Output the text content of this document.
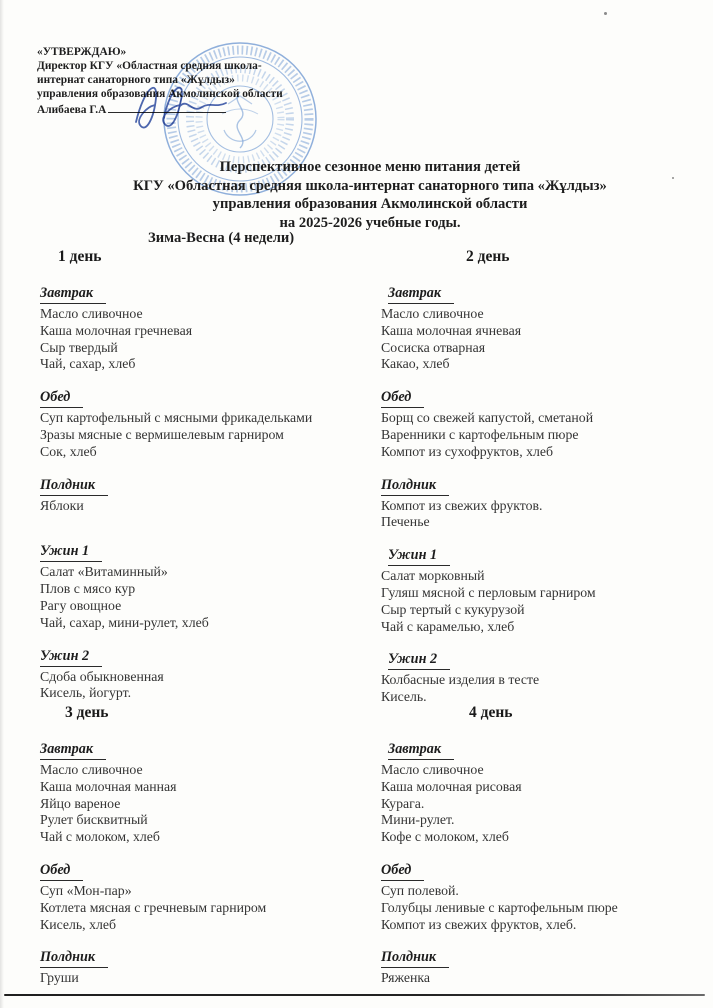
«УТВЕРЖДАЮ»
Директор КГУ «Областная средняя школа-
интернат санаторного типа «Жұлдыз»
управления образования Акмолинской области
Алибаева Г.А
Перспективное сезонное меню питания детей
КГУ «Областная средняя школа-интернат санаторного типа «Жұлдыз»
управления образования Акмолинской области
на 2025-2026 учебные годы.
Зима-Весна (4 недели)
1 день
Завтрак
Масло сливочное
Каша молочная гречневая
Сыр твердый
Чай, сахар, хлеб
Обед
Суп картофельный с мясными фрикадельками
Зразы мясные с вермишелевым гарниром
Сок, хлеб
Полдник
Яблоки
Ужин 1
Салат «Витаминный»
Плов с мясо кур
Рагу овощное
Чай, сахар, мини-рулет, хлеб
Ужин 2
Сдоба обыкновенная
Кисель, йогурт.
2 день
Завтрак
Масло сливочное
Каша молочная ячневая
Сосиска отварная
Какао, хлеб
Обед
Борщ со свежей капустой, сметаной
Варенники с картофельным пюре
Компот из сухофруктов, хлеб
Полдник
Компот из свежих фруктов.
Печенье
Ужин 1
Салат морковный
Гуляш мясной с перловым гарниром
Сыр тертый с кукурузой
Чай с карамелью, хлеб
Ужин 2
Колбасные изделия в тесте
Кисель.
3 день
Завтрак
Масло сливочное
Каша молочная манная
Яйцо вареное
Рулет бисквитный
Чай с молоком, хлеб
Обед
Суп «Мон-пар»
Котлета мясная с гречневым гарниром
Кисель, хлеб
Полдник
Груши
4 день
Завтрак
Масло сливочное
Каша молочная рисовая
Курага.
Мини-рулет.
Кофе с молоком, хлеб
Обед
Суп полевой.
Голубцы ленивые с картофельным пюре
Компот из свежих фруктов, хлеб.
Полдник
Ряженка
